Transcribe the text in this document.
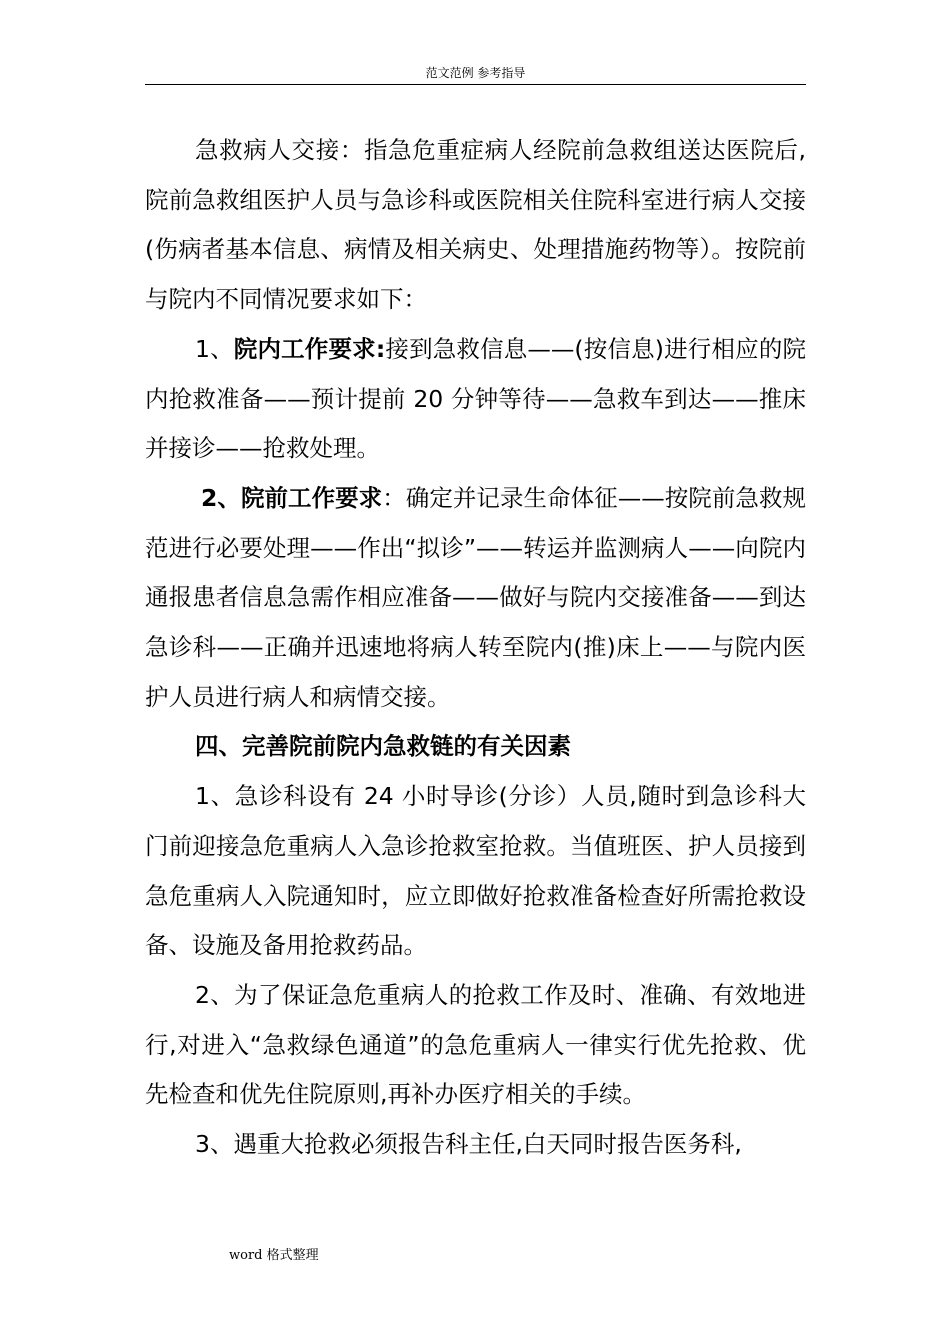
范文范例 参考指导

急救病人交接：指急危重症病人经院前急救组送达医院后,院前急救组医护人员与急诊科或医院相关住院科室进行病人交接(伤病者基本信息、病情及相关病史、处理措施药物等）。按院前与院内不同情况要求如下：

1、院内工作要求:接到急救信息——(按信息)进行相应的院内抢救准备——预计提前 20 分钟等待——急救车到达——推床并接诊——抢救处理。

2、院前工作要求：确定并记录生命体征——按院前急救规范进行必要处理——作出“拟诊”——转运并监测病人——向院内通报患者信息急需作相应准备——做好与院内交接准备——到达急诊科——正确并迅速地将病人转至院内(推)床上——与院内医护人员进行病人和病情交接。

四、完善院前院内急救链的有关因素

1、急诊科设有 24 小时导诊(分诊）人员,随时到急诊科大门前迎接急危重病人入急诊抢救室抢救。当值班医、护人员接到急危重病人入院通知时，应立即做好抢救准备检查好所需抢救设备、设施及备用抢救药品。

2、为了保证急危重病人的抢救工作及时、准确、有效地进行,对进入“急救绿色通道”的急危重病人一律实行优先抢救、优先检查和优先住院原则,再补办医疗相关的手续。

3、遇重大抢救必须报告科主任,白天同时报告医务科,

word 格式整理
